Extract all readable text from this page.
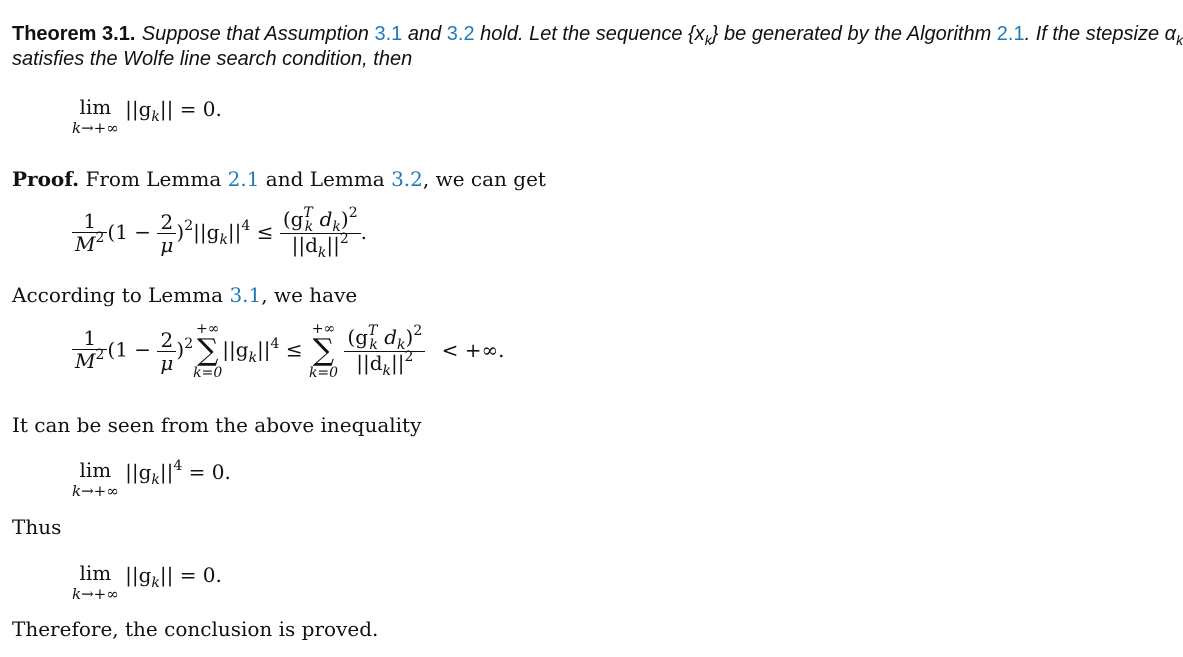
Theorem 3.1. Suppose that Assumption 3.1 and 3.2 hold. Let the sequence $\{x_k\}$ be generated by the Algorithm 2.1. If the stepsize $\alpha_k$
satisfies the Wolfe line search condition, then
lim
k→+∞
$||g_k|| = 0$.
Proof. From Lemma 2.1 and Lemma 3.2, we can get
$\frac{1}{M^2} (1 - \frac{2}{\mu} )^2||g_k||^4 \le \frac{(g^T_k d_k)^2}{||d_k||^2}$ .
According to Lemma 3.1, we have
$\frac{1}{M^2} (1 - \frac{2}{\mu} )^2$
+∞
∑
k=0
$||g_k||^4$ ≤
+∞
∑
k=0
$\frac{(g^T_k d_k)^2}{||d_k||^2}$ < +∞.
It can be seen from the above inequality
lim
k→+∞
$||g_k||^4 = 0$.
Thus
lim
k→+∞
$||g_k|| = 0$.
Therefore, the conclusion is proved.
